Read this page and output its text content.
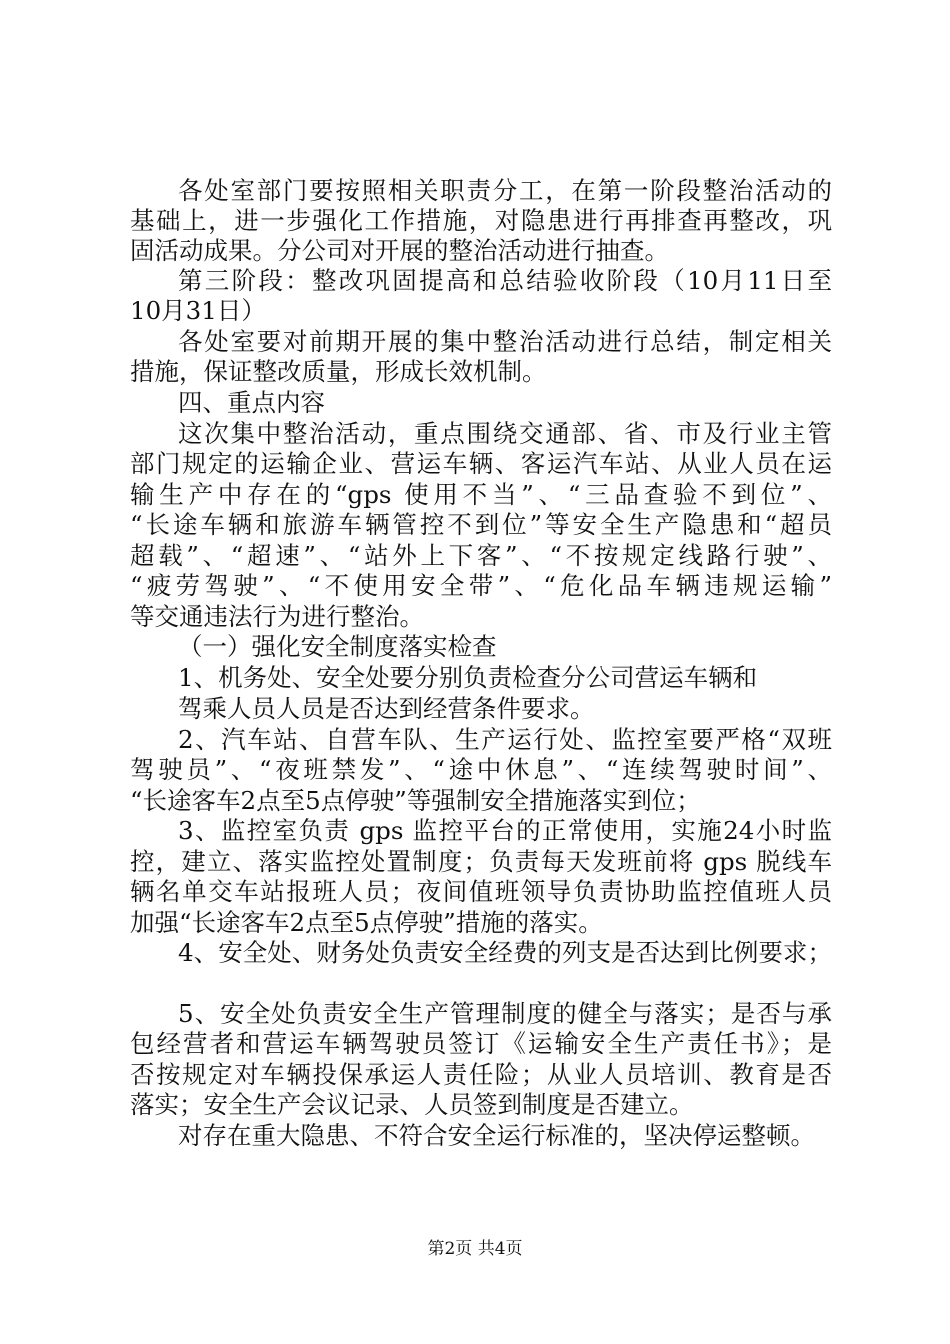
各处室部门要按照相关职责分工，在第一阶段整治活动的
基础上，进一步强化工作措施，对隐患进行再排查再整改，巩
固活动成果。分公司对开展的整治活动进行抽查。
第三阶段：整改巩固提高和总结验收阶段（10月11日至
10月31日）
各处室要对前期开展的集中整治活动进行总结，制定相关
措施，保证整改质量，形成长效机制。
四、重点内容
这次集中整治活动，重点围绕交通部、省、市及行业主管
部门规定的运输企业、营运车辆、客运汽车站、从业人员在运
输生产中存在的“gps 使用不当”、“三品查验不到位”、
“长途车辆和旅游车辆管控不到位”等安全生产隐患和“超员
超载”、“超速”、“站外上下客”、“不按规定线路行驶”、
“疲劳驾驶”、“不使用安全带”、“危化品车辆违规运输”
等交通违法行为进行整治。
（一）强化安全制度落实检查
1、机务处、安全处要分别负责检查分公司营运车辆和
驾乘人员人员是否达到经营条件要求。
2、汽车站、自营车队、生产运行处、监控室要严格“双班
驾驶员”、“夜班禁发”、“途中休息”、“连续驾驶时间”、
“长途客车2点至5点停驶”等强制安全措施落实到位；
3、监控室负责 gps 监控平台的正常使用，实施24小时监
控，建立、落实监控处置制度；负责每天发班前将 gps 脱线车
辆名单交车站报班人员；夜间值班领导负责协助监控值班人员
加强“长途客车2点至5点停驶”措施的落实。
4、安全处、财务处负责安全经费的列支是否达到比例要求；
5、安全处负责安全生产管理制度的健全与落实；是否与承
包经营者和营运车辆驾驶员签订《运输安全生产责任书》；是
否按规定对车辆投保承运人责任险；从业人员培训、教育是否
落实；安全生产会议记录、人员签到制度是否建立。
对存在重大隐患、不符合安全运行标准的，坚决停运整顿。
第2页 共4页
